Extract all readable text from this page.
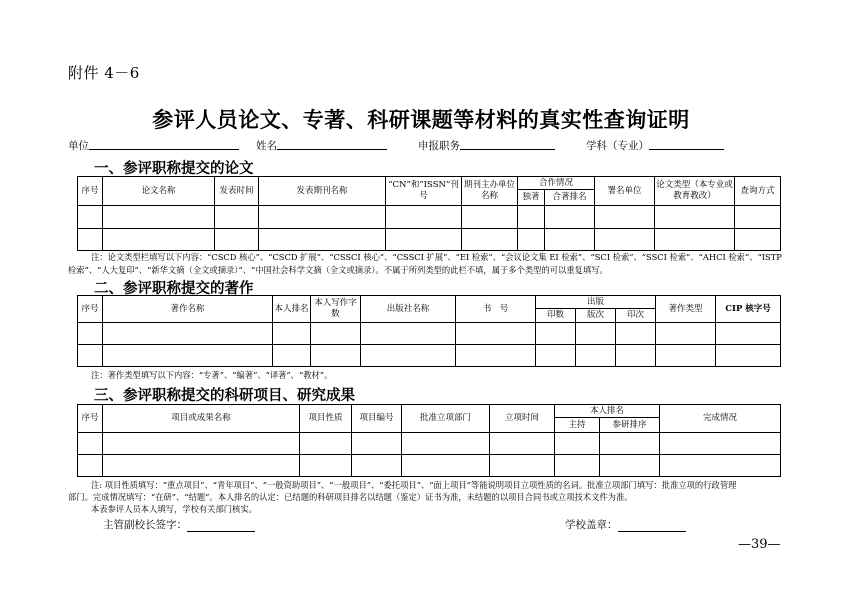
附件 4－6
参评人员论文、专著、科研课题等材料的真实性查询证明
单位	姓名	申报职务	学科（专业）
一、参评职称提交的论文
序号	论文名称	发表时间	发表期刊名称	“CN”和“ISSN”刊号	期刊主办单位名称	合作情况		署名单位	论文类型（本专业或教育教改）	查询方式
						独著	合著排名			

注：论文类型栏填写以下内容：“CSCD 核心”、“CSCD 扩展”、“CSSCI 核心”、“CSSCI 扩展”、“EI 检索”、“会议论文集 EI 检索”、“SCI 检索”、“SSCI 检索”、“AHCI 检索”、“ISTP
检索”、“人大复印”、“新华文摘（全文或摘录）”、“中国社会科学文摘（全文或摘录）。不属于所列类型的此栏不填，属于多个类型的可以重复填写。
二、参评职称提交的著作
序号	著作名称	本人排名	本人写作字　数	出版社名称	书　号	出版			著作类型	CIP 核字号
						印数	版次	印次		

注：著作类型填写以下内容：“专著”、“编著”、“译著”、“教材”。
三、参评职称提交的科研项目、研究成果
序号	项目或成果名称	项目性质	项目编号	批准立项部门	立项时间	本人排名		完成情况
						主持	参研排序	

注: 项目性质填写：“重点项目”、“青年项目”、“一般资助项目”、“一般项目”、“委托项目”、“面上项目”等能说明项目立项性质的名词。批准立项部门填写：批准立项的行政管理
部门。完成情况填写：“在研”、“结题”。本人排名的认定：已结题的科研项目排名以结题（鉴定）证书为准，未结题的以项目合同书或立项技术文件为准。
本表参评人员本人填写，学校有关部门核实。
主管副校长签字：	学校盖章：
—39—
